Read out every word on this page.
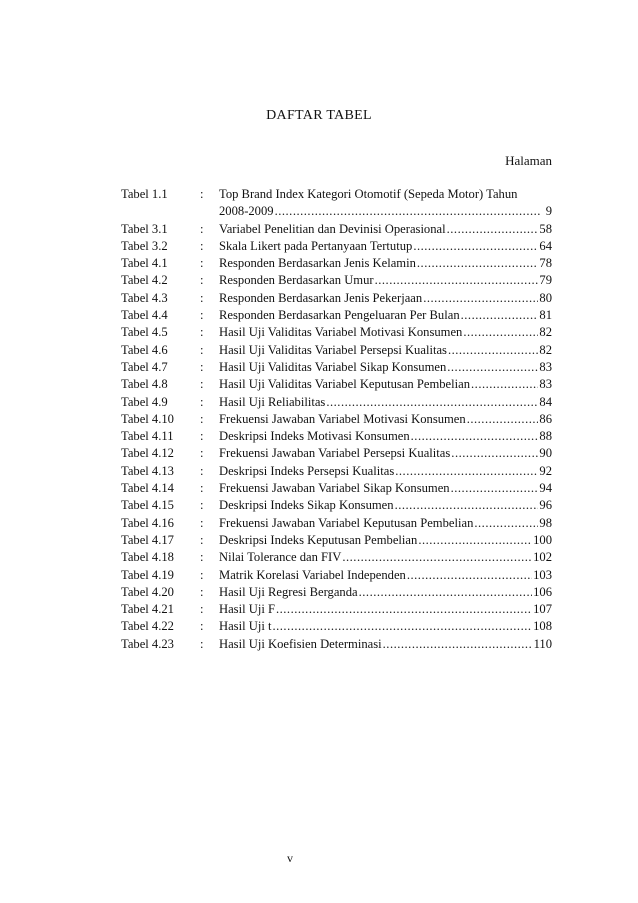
DAFTAR TABEL
Halaman
Tabel 1.1	:	Top Brand Index Kategori Otomotif (Sepeda Motor) Tahun
2008-2009 .....	9
Tabel 3.1	:	Variabel Penelitian dan Devinisi Operasional .....	58
Tabel 3.2	:	Skala Likert pada Pertanyaan Tertutup .....	64
Tabel 4.1	:	Responden Berdasarkan Jenis Kelamin .....	78
Tabel 4.2	:	Responden Berdasarkan Umur .....	79
Tabel 4.3	:	Responden Berdasarkan Jenis Pekerjaan .....	80
Tabel 4.4	:	Responden Berdasarkan Pengeluaran Per Bulan .....	81
Tabel 4.5	:	Hasil Uji Validitas Variabel Motivasi Konsumen .....	82
Tabel 4.6	:	Hasil Uji Validitas Variabel Persepsi Kualitas .....	82
Tabel 4.7	:	Hasil Uji Validitas Variabel Sikap Konsumen .....	83
Tabel 4.8	:	Hasil Uji Validitas Variabel Keputusan Pembelian .....	83
Tabel 4.9	:	Hasil Uji Reliabilitas .....	84
Tabel 4.10	:	Frekuensi Jawaban Variabel Motivasi Konsumen .....	86
Tabel 4.11	:	Deskripsi Indeks Motivasi Konsumen .....	88
Tabel 4.12	:	Frekuensi Jawaban Variabel Persepsi Kualitas .....	90
Tabel 4.13	:	Deskripsi Indeks Persepsi Kualitas .....	92
Tabel 4.14	:	Frekuensi Jawaban Variabel Sikap Konsumen .....	94
Tabel 4.15	:	Deskripsi Indeks Sikap Konsumen .....	96
Tabel 4.16	:	Frekuensi Jawaban Variabel Keputusan Pembelian .....	98
Tabel 4.17	:	Deskripsi Indeks Keputusan Pembelian .....	100
Tabel 4.18	:	Nilai Tolerance dan FIV .....	102
Tabel 4.19	:	Matrik Korelasi Variabel Independen .....	103
Tabel 4.20	:	Hasil Uji Regresi Berganda .....	106
Tabel 4.21	:	Hasil Uji F .....	107
Tabel 4.22	:	Hasil Uji t .....	108
Tabel 4.23	:	Hasil Uji Koefisien Determinasi .....	110
v
